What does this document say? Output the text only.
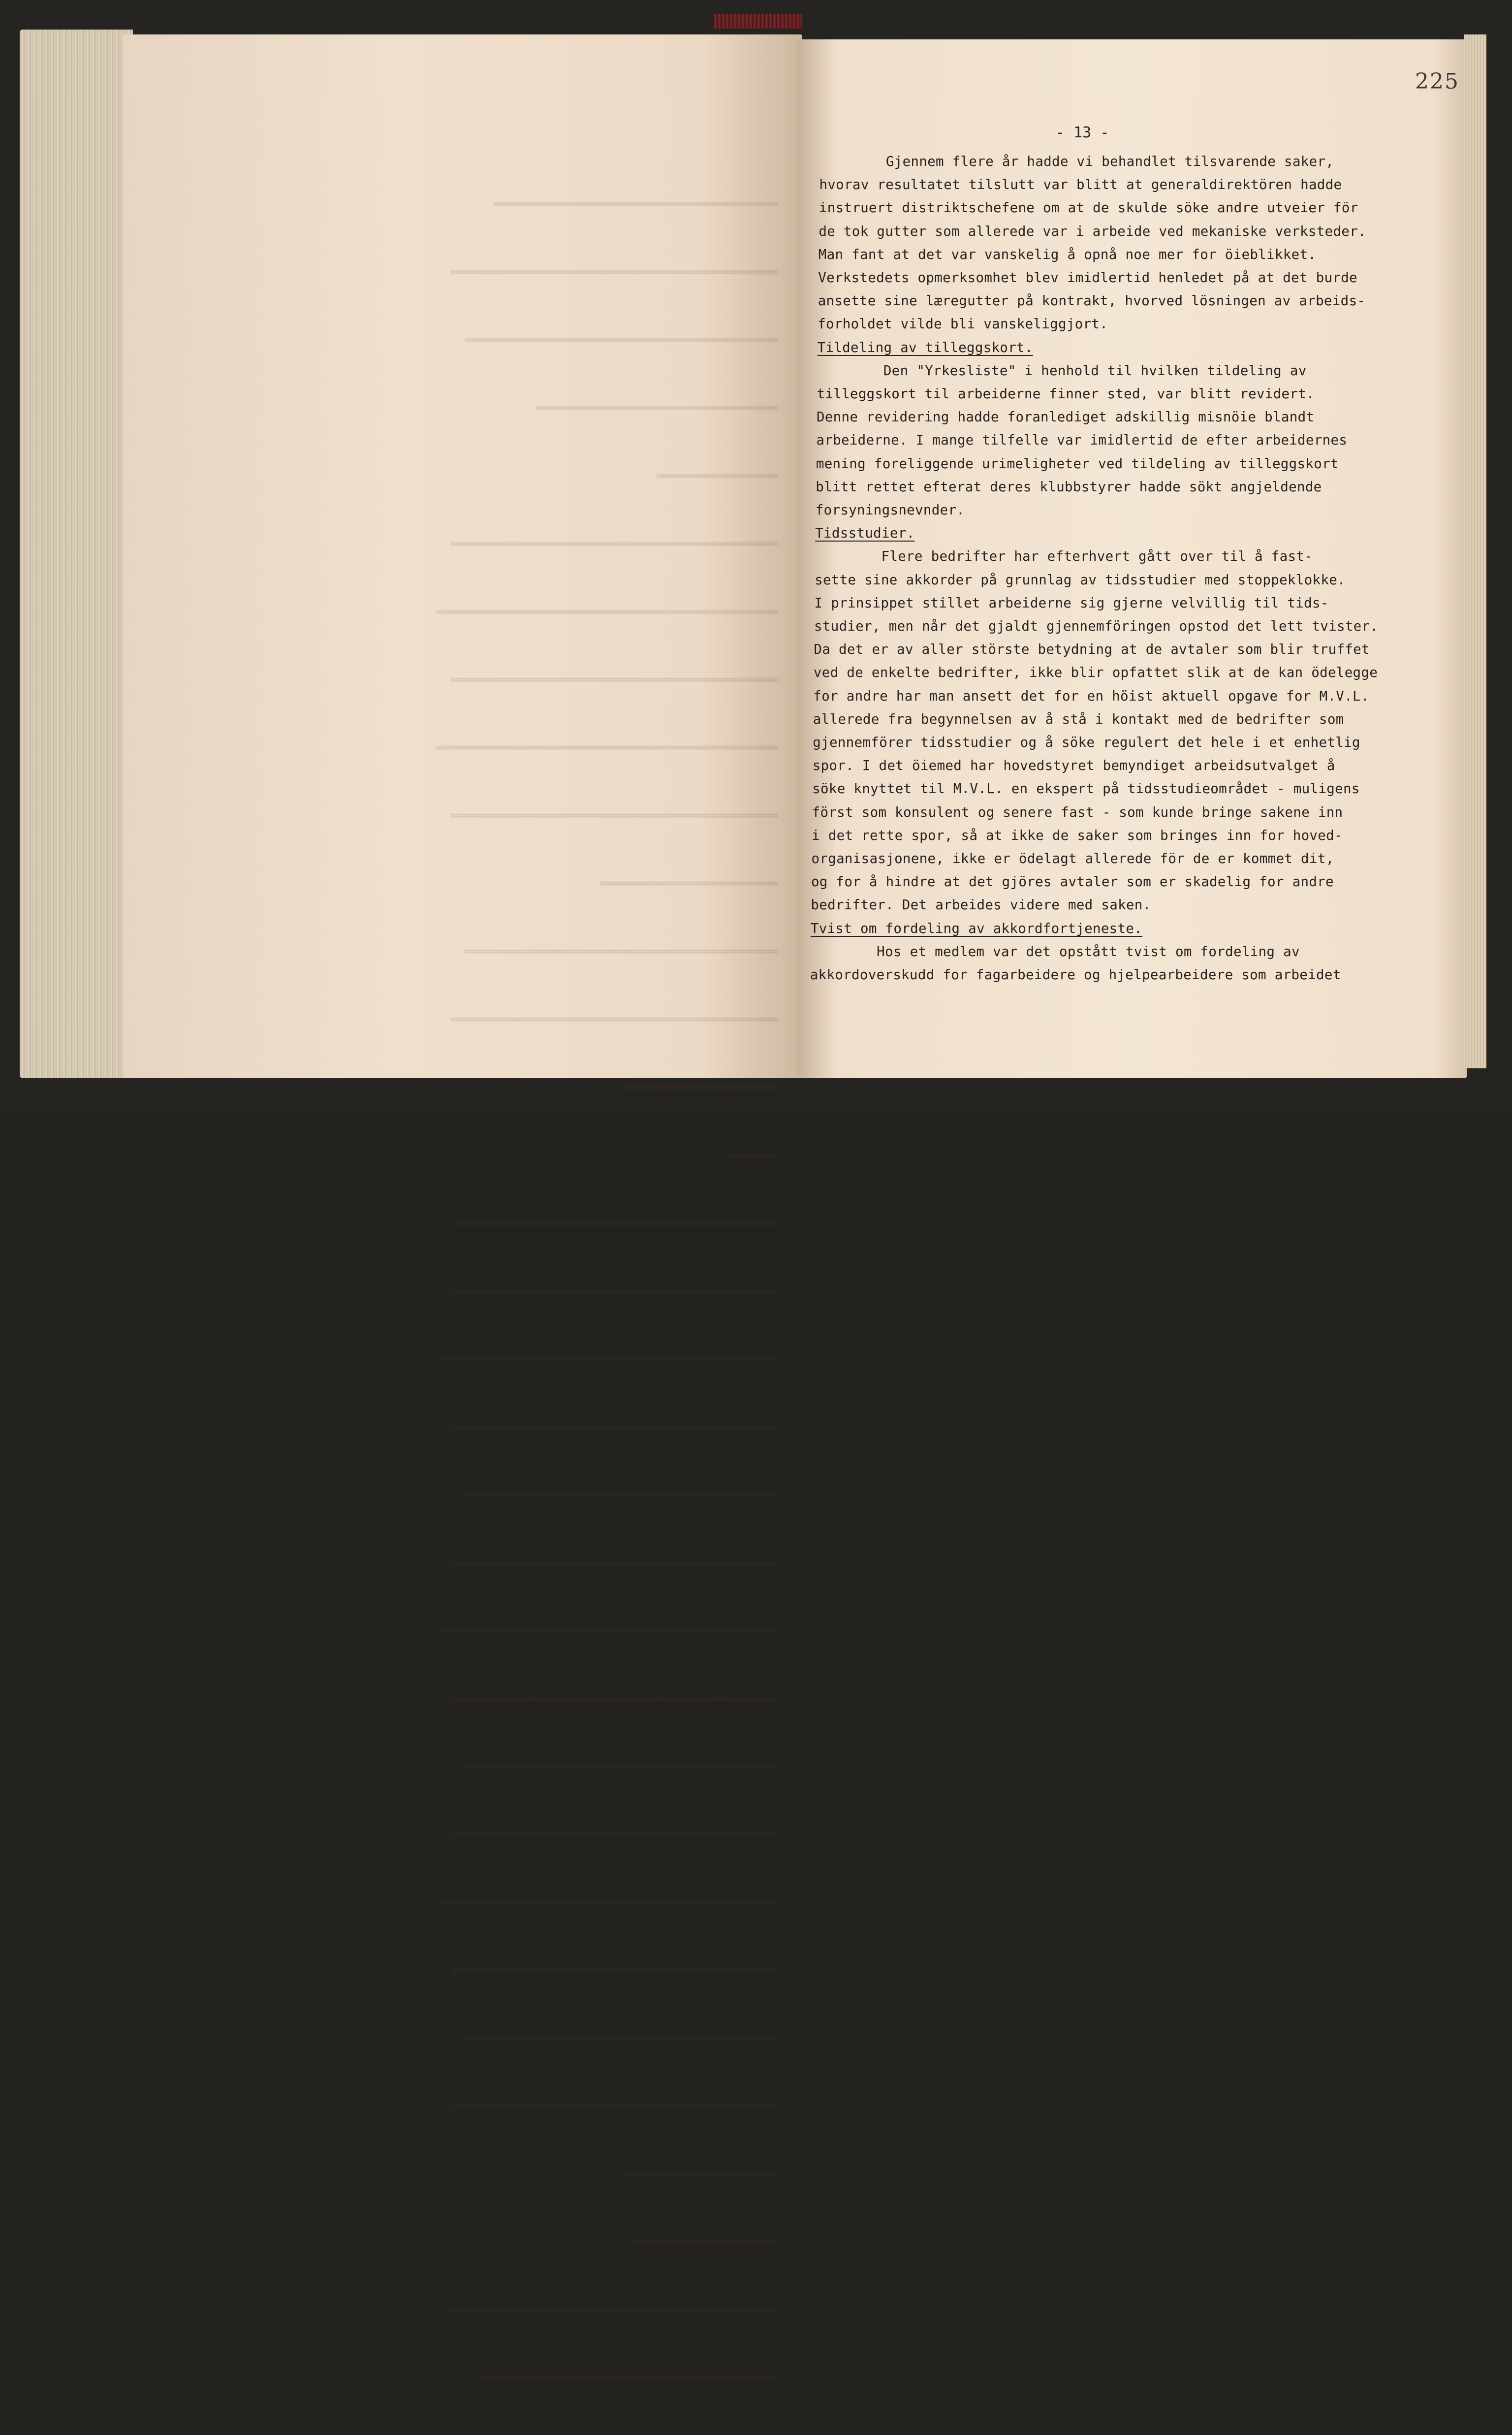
════════════════════════════════════════

══════════════════════════════════════════════

════════════════════════════════════════════

══════════════════════════════════

═════════════════

══════════════════════════════════════════════

════════════════════════════════════════════════

══════════════════════════════════════════════

════════════════════════════════════════════════

══════════════════════════════════════════════

═════════════════════════

════════════════════════════════════════════

══════════════════════════════════════════════

══════════════════════

═══════

══════════════════════════════════════════════

══════════════════════════════════════════════

════════════════════════════════════════════════

══════════════════════════════════════════════

════════════════════════════════════════════

══════════════════════════════════════════════

════════════════════════════════════════════════

══════════════════════════════════════════════

════════════════════════════════════════════

══════════════════════════════════════════════

════════════════════════════════════════════════

══════════════════════════════════════════════

════════════════════════════════════════════

══════════════════════════════════════════════

══════════════════════

═════════════════════

══════════════════════════════════════════════

══════════════════════════════════════════

225
- 13 -
Gjennem flere år hadde vi behandlet tilsvarende saker,
hvorav resultatet tilslutt var blitt at generaldirektören hadde
instruert distriktschefene om at de skulde söke andre utveier för
de tok gutter som allerede var i arbeide ved mekaniske verksteder.
Man fant at det var vanskelig å opnå noe mer for öieblikket.
Verkstedets opmerksomhet blev imidlertid henledet på at det burde
ansette sine læregutter på kontrakt, hvorved lösningen av arbeids-
forholdet vilde bli vanskeliggjort.
Tildeling av tilleggskort.
Den "Yrkesliste" i henhold til hvilken tildeling av
tilleggskort til arbeiderne finner sted, var blitt revidert.
Denne revidering hadde foranlediget adskillig misnöie blandt
arbeiderne. I mange tilfelle var imidlertid de efter arbeidernes
mening foreliggende urimeligheter ved tildeling av tilleggskort
blitt rettet efterat deres klubbstyrer hadde sökt angjeldende
forsyningsnevnder.
Tidsstudier.
Flere bedrifter har efterhvert gått over til å fast-
sette sine akkorder på grunnlag av tidsstudier med stoppeklokke.
I prinsippet stillet arbeiderne sig gjerne velvillig til tids-
studier, men når det gjaldt gjennemföringen opstod det lett tvister.
Da det er av aller störste betydning at de avtaler som blir truffet
ved de enkelte bedrifter, ikke blir opfattet slik at de kan ödelegge
for andre har man ansett det for en höist aktuell opgave for M.V.L.
allerede fra begynnelsen av å stå i kontakt med de bedrifter som
gjennemförer tidsstudier og å söke regulert det hele i et enhetlig
spor. I det öiemed har hovedstyret bemyndiget arbeidsutvalget å
söke knyttet til M.V.L. en ekspert på tidsstudieområdet - muligens
först som konsulent og senere fast - som kunde bringe sakene inn
i det rette spor, så at ikke de saker som bringes inn for hoved-
organisasjonene, ikke er ödelagt allerede för de er kommet dit,
og for å hindre at det gjöres avtaler som er skadelig for andre
bedrifter. Det arbeides videre med saken.
Tvist om fordeling av akkordfortjeneste.
Hos et medlem var det opstått tvist om fordeling av
akkordoverskudd for fagarbeidere og hjelpearbeidere som arbeidet
